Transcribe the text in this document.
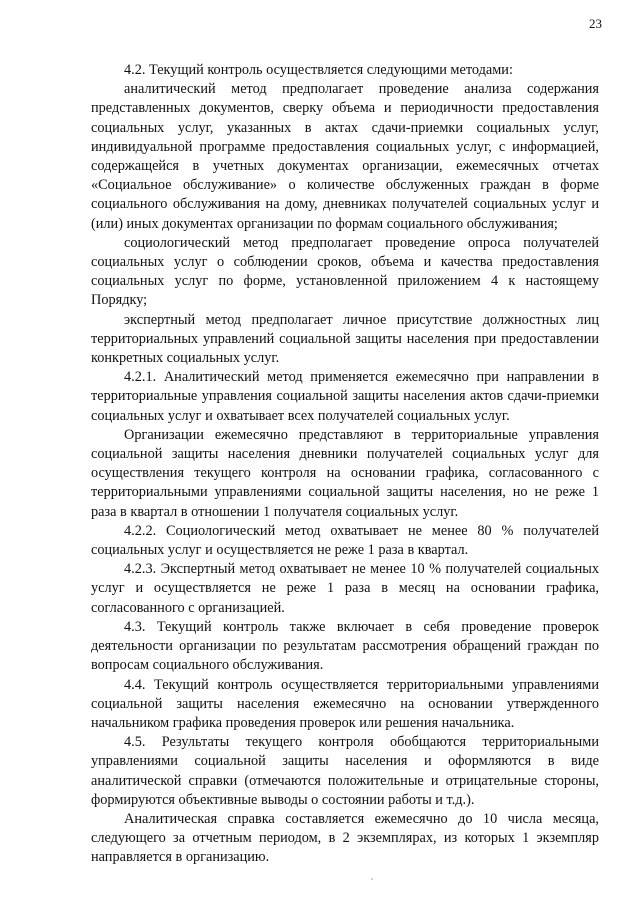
23

4.2. Текущий контроль осуществляется следующими методами:

аналитический метод предполагает проведение анализа содержания представленных документов, сверку объема и периодичности предоставления социальных услуг, указанных в актах сдачи-приемки социальных услуг, индивидуальной программе предоставления социальных услуг, с информацией, содержащейся в учетных документах организации, ежемесячных отчетах «Социальное обслуживание» о количестве обслуженных граждан в форме социального обслуживания на дому, дневниках получателей социальных услуг и (или) иных документах организации по формам социального обслуживания;

социологический метод предполагает проведение опроса получателей социальных услуг о соблюдении сроков, объема и качества предоставления социальных услуг по форме, установленной приложением 4 к настоящему Порядку;

экспертный метод предполагает личное присутствие должностных лиц территориальных управлений социальной защиты населения при предоставлении конкретных социальных услуг.

4.2.1. Аналитический метод применяется ежемесячно при направлении в территориальные управления социальной защиты населения актов сдачи-приемки социальных услуг и охватывает всех получателей социальных услуг.

Организации ежемесячно представляют в территориальные управления социальной защиты населения дневники получателей социальных услуг для осуществления текущего контроля на основании графика, согласованного с территориальными управлениями социальной защиты населения, но не реже 1 раза в квартал в отношении 1 получателя социальных услуг.

4.2.2. Социологический метод охватывает не менее 80 % получателей социальных услуг и осуществляется не реже 1 раза в квартал.

4.2.3. Экспертный метод охватывает не менее 10 % получателей социальных услуг и осуществляется не реже 1 раза в месяц на основании графика, согласованного с организацией.

4.3. Текущий контроль также включает в себя проведение проверок деятельности организации по результатам рассмотрения обращений граждан по вопросам социального обслуживания.

4.4. Текущий контроль осуществляется территориальными управлениями социальной защиты населения ежемесячно на основании утвержденного начальником графика проведения проверок или решения начальника.

4.5. Результаты текущего контроля обобщаются территориальными управлениями социальной защиты населения и оформляются в виде аналитической справки (отмечаются положительные и отрицательные стороны, формируются объективные выводы о состоянии работы и т.д.).

Аналитическая справка составляется ежемесячно до 10 числа месяца, следующего за отчетным периодом, в 2 экземплярах, из которых 1 экземпляр направляется в организацию.
